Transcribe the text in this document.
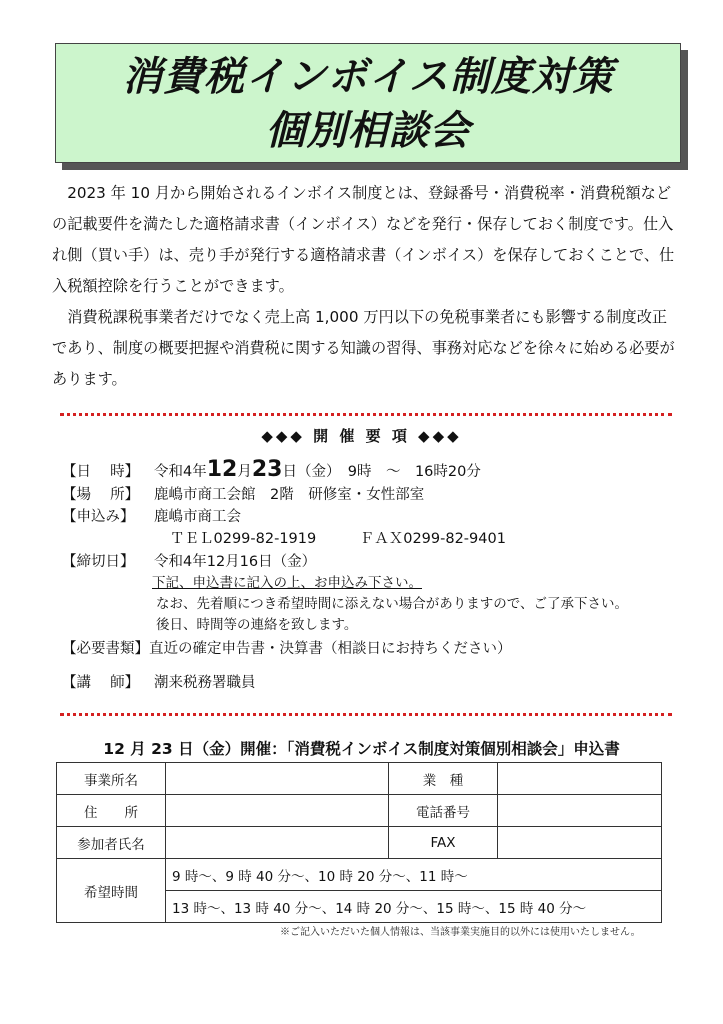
消費税インボイス制度対策
個別相談会

2023 年 10 月から開始されるインボイス制度とは、登録番号・消費税率・消費税額などの記載要件を満たした適格請求書（インボイス）などを発行・保存しておく制度です。仕入れ側（買い手）は、売り手が発行する適格請求書（インボイス）を保存しておくことで、仕入税額控除を行うことができます。

消費税課税事業者だけでなく売上高 1,000 万円以下の免税事業者にも影響する制度改正であり、制度の概要把握や消費税に関する知識の習得、事務対応などを徐々に始める必要があります。

◆◆◆ 開 催 要 項 ◆◆◆
【日　 時】 令和4年12月23日（金）　9時　～　16時20分
【場　 所】 鹿嶋市商工会館　2階　研修室・女性部室
【申込み】 鹿嶋市商工会
ＴＥＬ0299-82-1919　　　ＦＡＸ0299-82-9401
【締切日】 令和4年12月16日（金）
下記、申込書に記入の上、お申込み下さい。
なお、先着順につき希望時間に添えない場合がありますので、ご了承下さい。
後日、時間等の連絡を致します。
【必要書類】直近の確定申告書・決算書（相談日にお持ちください）
【講　 師】 潮来税務署職員
12 月 23 日（金）開催：「消費税インボイス制度対策個別相談会」申込書
事業所名		業　種	
住　　所		電話番号	
参加者氏名		FAX	
希望時間	9 時～、9 時 40 分～、10 時 20 分～、11 時～		
	13 時～、13 時 40 分～、14 時 20 分～、15 時～、15 時 40 分～		
※ご記入いただいた個人情報は、当該事業実施目的以外には使用いたしません。
